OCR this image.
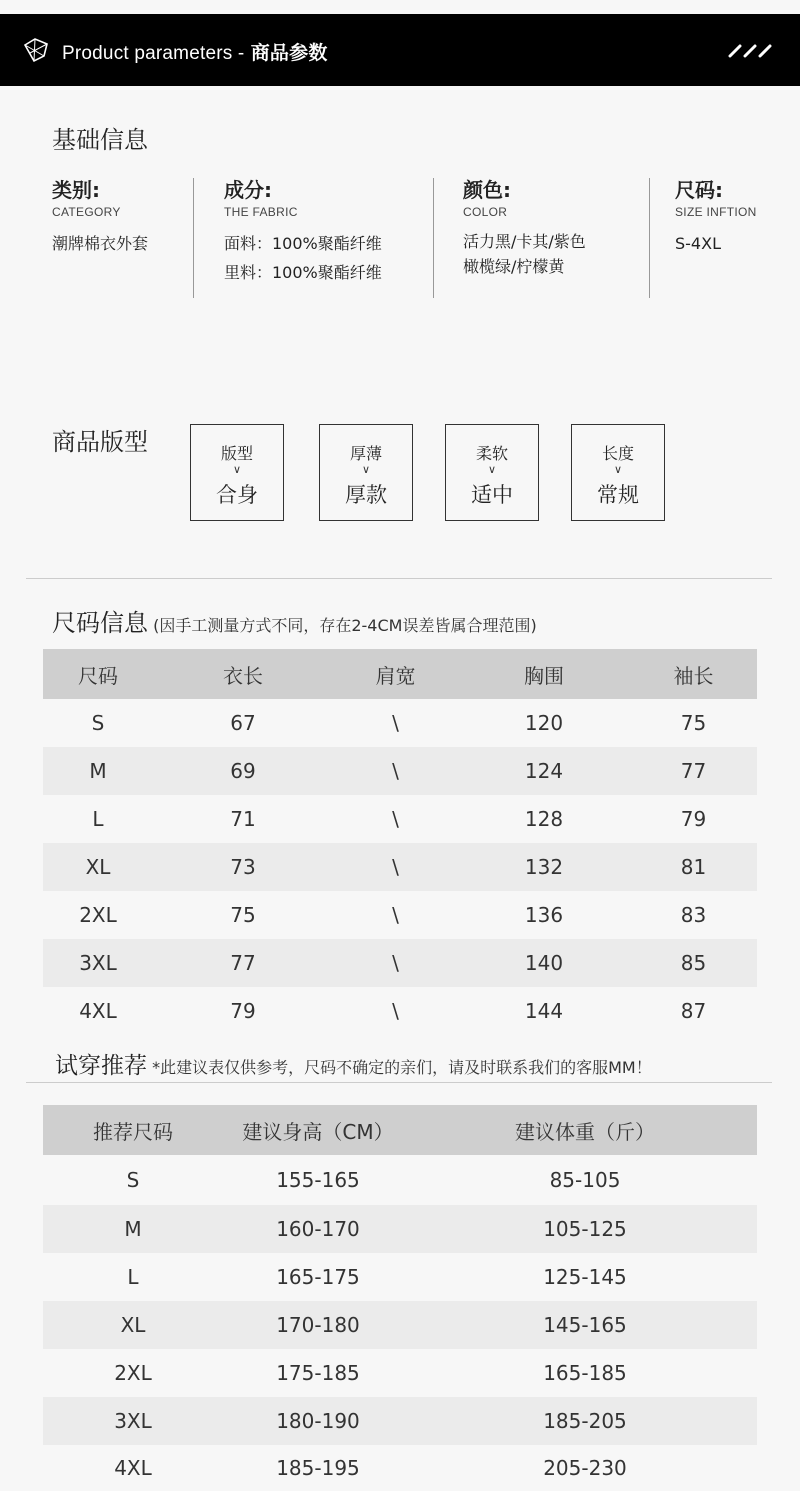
Product parameters - 商品参数
基础信息
类别:
CATEGORY
潮牌棉衣外套
成分:
THE FABRIC
面料：100%聚酯纤维
里料：100%聚酯纤维
颜色:
COLOR
活力黑/卡其/紫色
橄榄绿/柠檬黄
尺码:
SIZE INFTION
S-4XL
商品版型	版型
∨
合身
厚薄
∨
厚款
柔软
∨
适中
长度
∨
常规
尺码信息 (因手工测量方式不同，存在2-4CM误差皆属合理范围)
尺码	衣长	肩宽	胸围	袖长
S	67	\	120	75
M	69	\	124	77
L	71	\	128	79
XL	73	\	132	81
2XL	75	\	136	83
3XL	77	\	140	85
4XL	79	\	144	87
试穿推荐 *此建议表仅供参考，尺码不确定的亲们，请及时联系我们的客服MM！
推荐尺码	建议身高（CM）	建议体重（斤）
S	155-165	85-105
M	160-170	105-125
L	165-175	125-145
XL	170-180	145-165
2XL	175-185	165-185
3XL	180-190	185-205
4XL	185-195	205-230
